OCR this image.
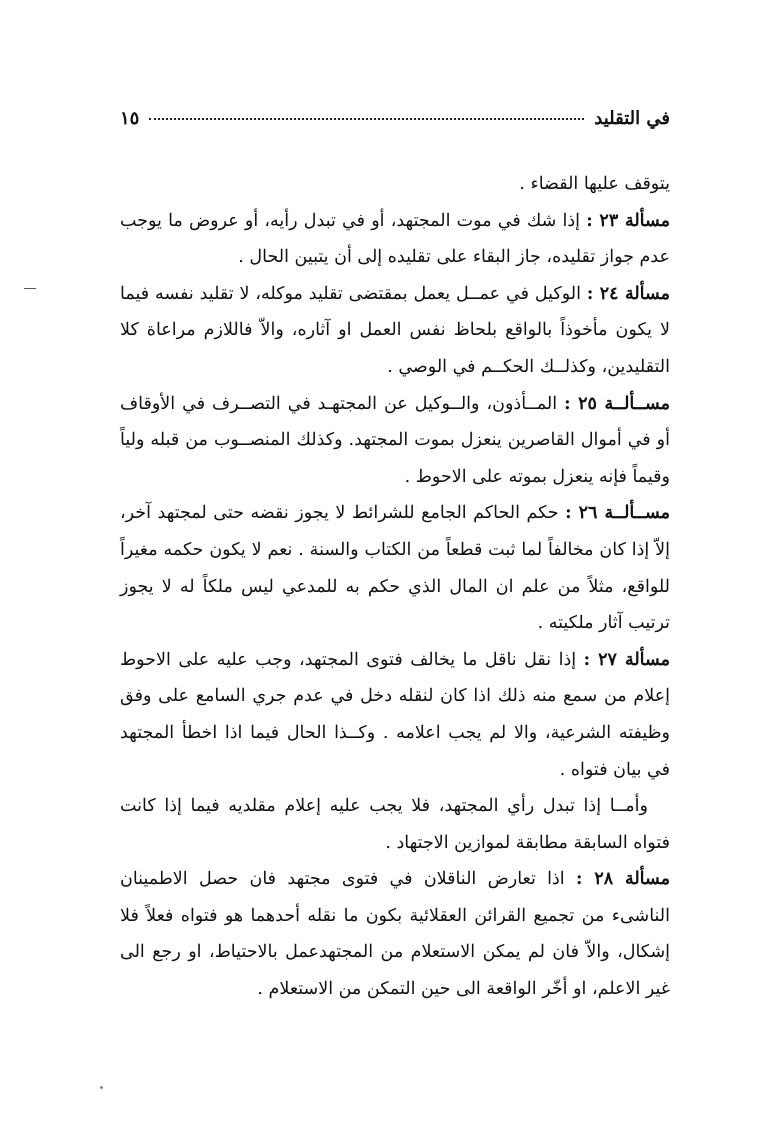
في التقليد
١٥

يتوقف عليها القضاء .

مسألة ٢٣ : إذا شك في موت المجتهد، أو في تبدل رأيه، أو عروض ما يوجب عدم جواز تقليده، جاز البقاء على تقليده إلى أن يتبين الحال .

مسألة ٢٤ : الوكيل في عمــل يعمل بمقتضى تقليد موكله، لا تقليد نفسه فيما لا يكون مأخوذاً بالواقع بلحاظ نفس العمل او آثاره، والاّ فاللازم مراعاة كلا التقليدين، وكذلــك الحكــم في الوصي .

مســألــة ٢٥ : المــأذون، والــوكيل عن المجتهـد في التصــرف في الأوقاف أو في أموال القاصرين ينعزل بموت المجتهد. وكذلك المنصــوب من قبله ولياً وقيماً فإنه ينعزل بموته على الاحوط .

مســألــة ٢٦ : حكم الحاكم الجامع للشرائط لا يجوز نقضه حتى لمجتهد آخر، إلاّ إذا كان مخالفاً لما ثبت قطعاً من الكتاب والسنة . نعم لا يكون حكمه مغيراً للواقع، مثلاً من علم ان المال الذي حكم به للمدعي ليس ملكاً له لا يجوز ترتيب آثار ملكيته .

مسألة ٢٧ : إذا نقل ناقل ما يخالف فتوى المجتهد، وجب عليه على الاحوط إعلام من سمع منه ذلك اذا كان لنقله دخل في عدم جري السامع على وفق وظيفته الشرعية، والا لم يجب اعلامه . وكــذا الحال فيما اذا اخطأ المجتهد في بيان فتواه .

وأمــا إذا تبدل رأي المجتهد، فلا يجب عليه إعلام مقلديه فيما إذا كانت فتواه السابقة مطابقة لموازين الاجتهاد .

مسألة ٢٨ : اذا تعارض الناقلان في فتوى مجتهد فان حصل الاطمينان الناشىء من تجميع القرائن العقلائية بكون ما نقله أحدهما هو فتواه فعلاً فلا إشكال، والاّ فان لم يمكن الاستعلام من المجتهدعمل بالاحتياط، او رجع الى غير الاعلم، او أخّر الواقعة الى حين التمكن من الاستعلام .
